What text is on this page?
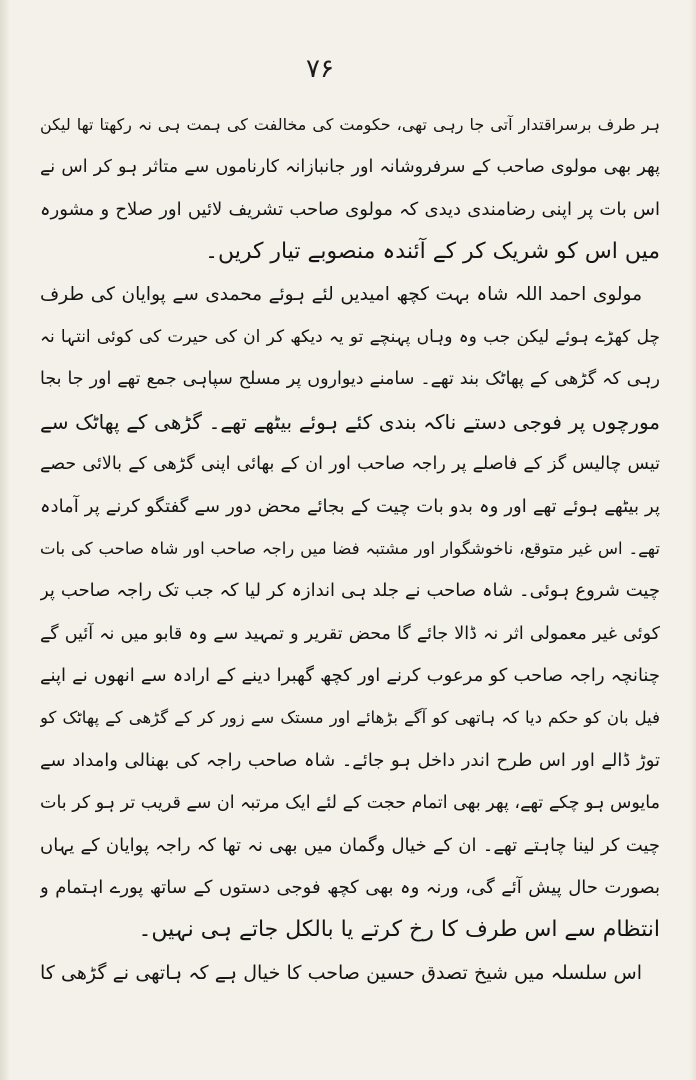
۷۶
ہر طرف برسراقتدار آتی جا رہی تھی، حکومت کی مخالفت کی ہمت ہی نہ رکھتا تھا لیکن
پھر بھی مولوی صاحب کے سرفروشانہ اور جانبازانہ کارناموں سے متاثر ہو کر اس نے
اس بات پر اپنی رضامندی دیدی کہ مولوی صاحب تشریف لائیں اور صلاح و مشورہ
میں اس کو شریک کر کے آئندہ منصوبے تیار کریں۔
مولوی احمد اللہ شاہ بہت کچھ امیدیں لئے ہوئے محمدی سے پوایان کی طرف
چل کھڑے ہوئے لیکن جب وہ وہاں پہنچے تو یہ دیکھ کر ان کی حیرت کی کوئی انتہا نہ
رہی کہ گڑھی کے پھاٹک بند تھے۔ سامنے دیواروں پر مسلح سپاہی جمع تھے اور جا بجا
مورچوں پر فوجی دستے ناکہ بندی کئے ہوئے بیٹھے تھے۔ گڑھی کے پھاٹک سے
تیس چالیس گز کے فاصلے پر راجہ صاحب اور ان کے بھائی اپنی گڑھی کے بالائی حصے
پر بیٹھے ہوئے تھے اور وہ بدو بات چیت کے بجائے محض دور سے گفتگو کرنے پر آمادہ
تھے۔ اس غیر متوقع، ناخوشگوار اور مشتبہ فضا میں راجہ صاحب اور شاہ صاحب کی بات
چیت شروع ہوئی۔ شاہ صاحب نے جلد ہی اندازہ کر لیا کہ جب تک راجہ صاحب پر
کوئی غیر معمولی اثر نہ ڈالا جائے گا محض تقریر و تمہید سے وہ قابو میں نہ آئیں گے
چنانچہ راجہ صاحب کو مرعوب کرنے اور کچھ گھبرا دینے کے ارادہ سے انھوں نے اپنے
فیل بان کو حکم دیا کہ ہاتھی کو آگے بڑھائے اور مستک سے زور کر کے گڑھی کے پھاٹک کو
توڑ ڈالے اور اس طرح اندر داخل ہو جائے۔ شاہ صاحب راجہ کی بھنالی وامداد سے
مایوس ہو چکے تھے، پھر بھی اتمام حجت کے لئے ایک مرتبہ ان سے قریب تر ہو کر بات
چیت کر لینا چاہتے تھے۔ ان کے خیال وگمان میں بھی نہ تھا کہ راجہ پوایان کے یہاں
بصورت حال پیش آئے گی، ورنہ وہ بھی کچھ فوجی دستوں کے ساتھ پورے اہتمام و
انتظام سے اس طرف کا رخ کرتے یا بالکل جاتے ہی نہیں۔
اس سلسلہ میں شیخ تصدق حسین صاحب کا خیال ہے کہ ہاتھی نے گڑھی کا
